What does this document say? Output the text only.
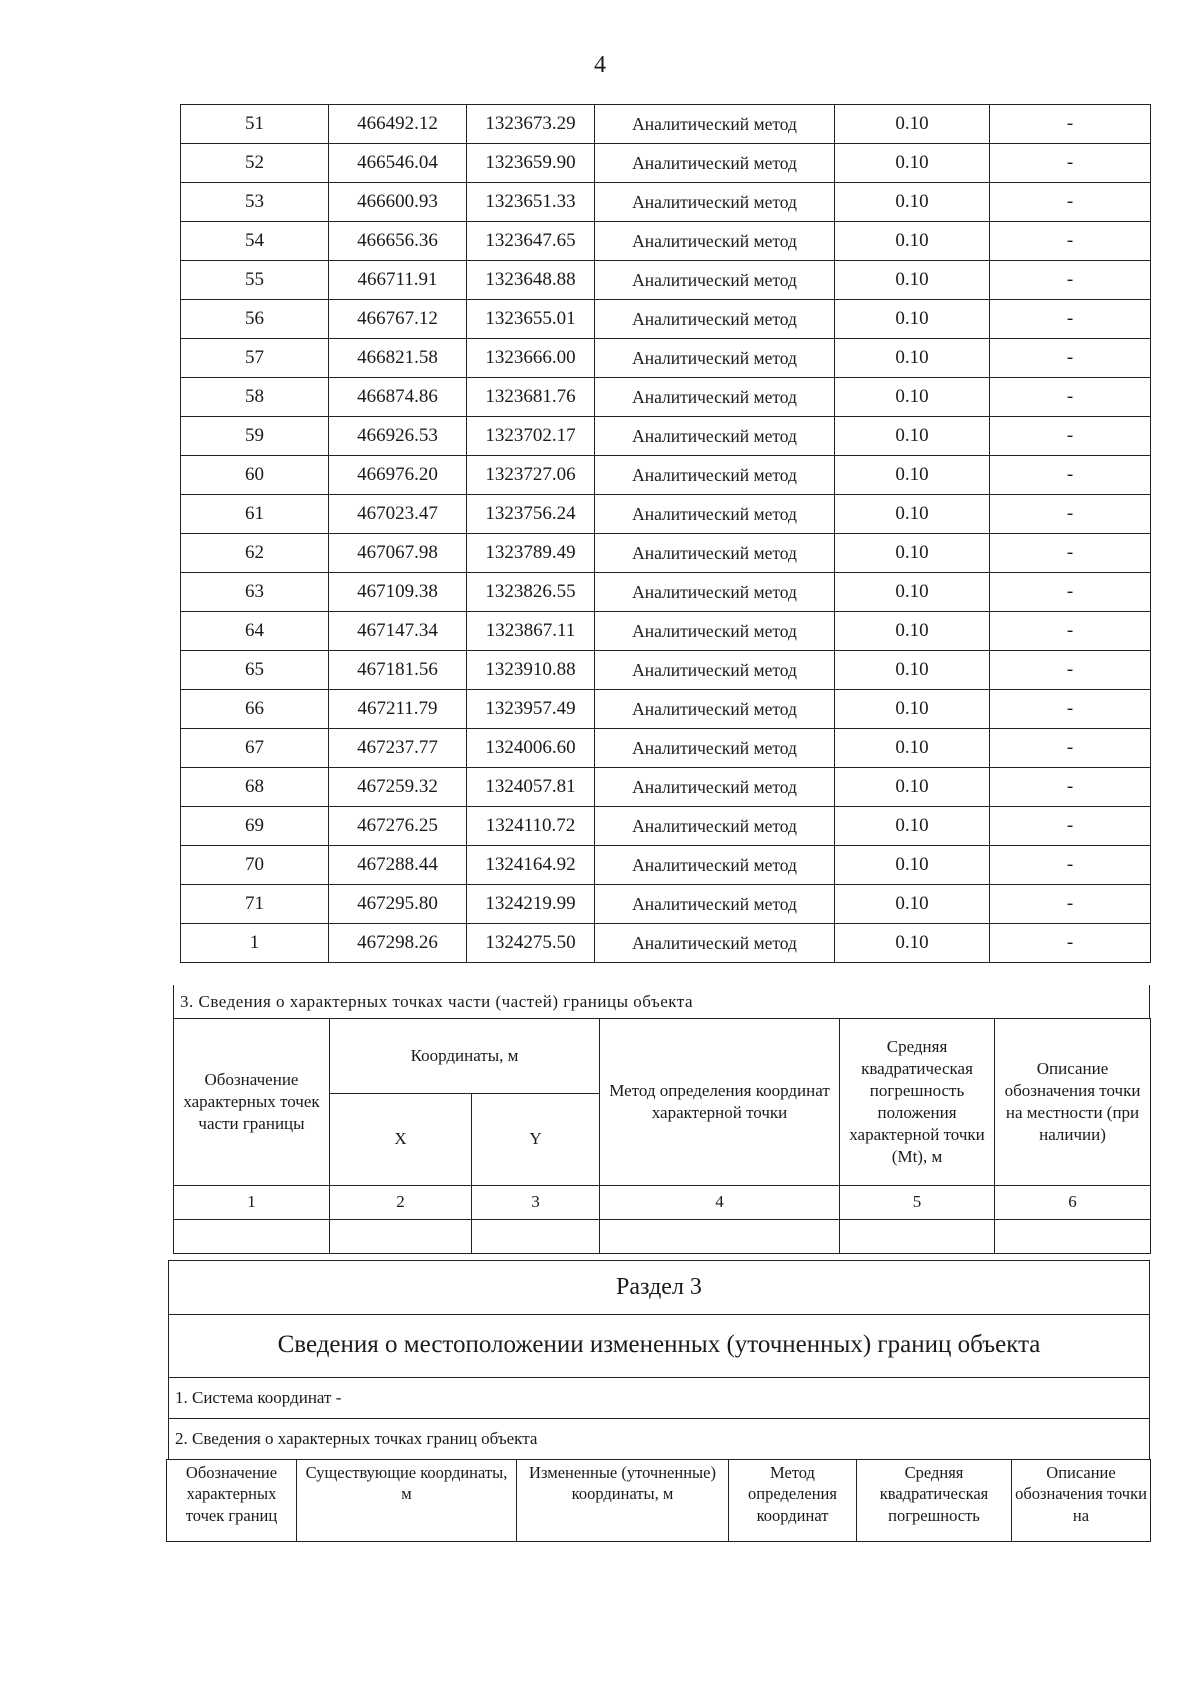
4
51	466492.12	1323673.29	Аналитический метод	0.10	-
52	466546.04	1323659.90	Аналитический метод	0.10	-
53	466600.93	1323651.33	Аналитический метод	0.10	-
54	466656.36	1323647.65	Аналитический метод	0.10	-
55	466711.91	1323648.88	Аналитический метод	0.10	-
56	466767.12	1323655.01	Аналитический метод	0.10	-
57	466821.58	1323666.00	Аналитический метод	0.10	-
58	466874.86	1323681.76	Аналитический метод	0.10	-
59	466926.53	1323702.17	Аналитический метод	0.10	-
60	466976.20	1323727.06	Аналитический метод	0.10	-
61	467023.47	1323756.24	Аналитический метод	0.10	-
62	467067.98	1323789.49	Аналитический метод	0.10	-
63	467109.38	1323826.55	Аналитический метод	0.10	-
64	467147.34	1323867.11	Аналитический метод	0.10	-
65	467181.56	1323910.88	Аналитический метод	0.10	-
66	467211.79	1323957.49	Аналитический метод	0.10	-
67	467237.77	1324006.60	Аналитический метод	0.10	-
68	467259.32	1324057.81	Аналитический метод	0.10	-
69	467276.25	1324110.72	Аналитический метод	0.10	-
70	467288.44	1324164.92	Аналитический метод	0.10	-
71	467295.80	1324219.99	Аналитический метод	0.10	-
1	467298.26	1324275.50	Аналитический метод	0.10	-
3. Сведения о характерных точках части (частей) границы объекта
Обозначение характерных точек части границы	Координаты, м		Метод определения координат характерной точки	Средняя квадратическая погрешность положения характерной точки (Mt), м	Описание обозначения точки на местности (при наличии)
	X	Y			
1	2	3	4	5	6

Раздел 3
Сведения о местоположении измененных (уточненных) границ объекта
1. Система координат -
2. Сведения о характерных точках границ объекта
Обозначение характерных точек границ	Существующие координаты, м	Измененные (уточненные) координаты, м	Метод определения координат	Средняя квадратическая погрешность	Описание обозначения точки на
